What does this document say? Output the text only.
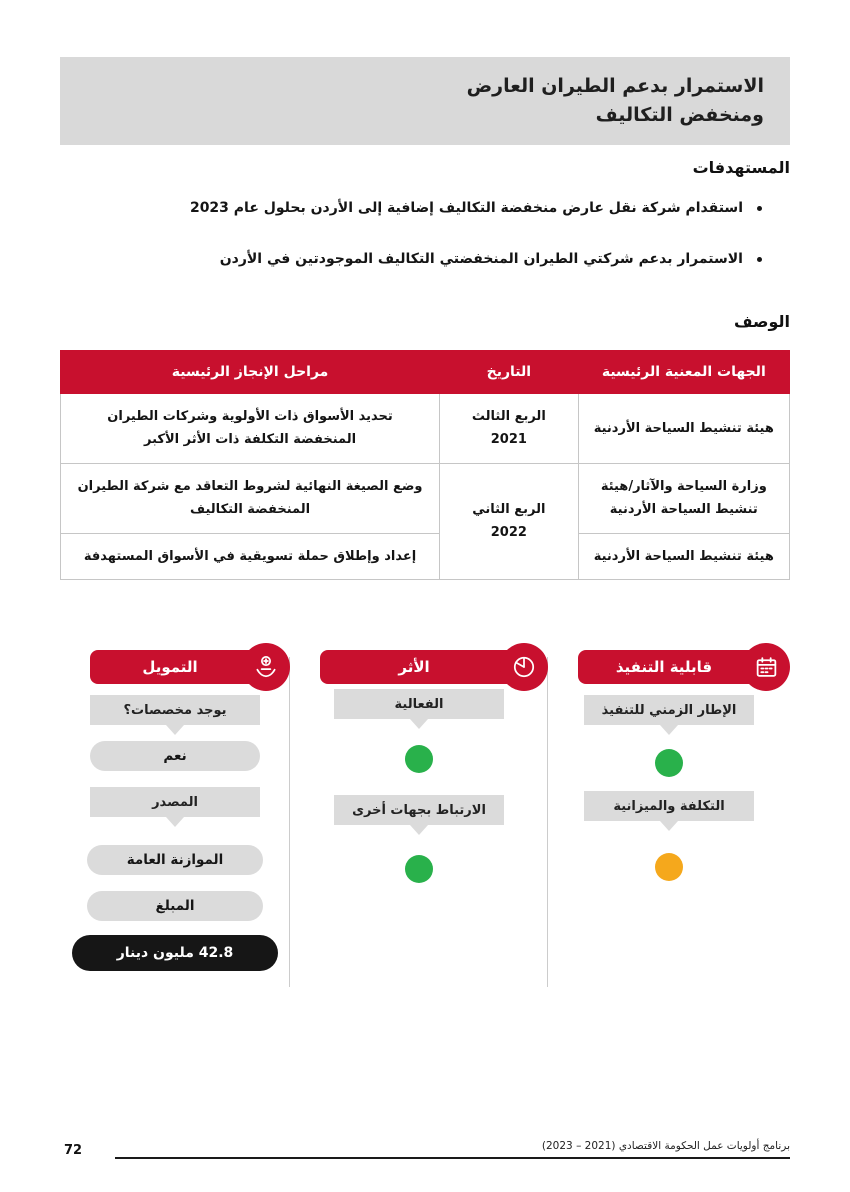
الاستمرار بدعم الطيران العارض ومنخفض التكاليف
المستهدفات
استقدام شركة نقل عارض منخفضة التكاليف إضافية إلى الأردن بحلول عام 2023
الاستمرار بدعم شركتي الطيران المنخفضتي التكاليف الموجودتين في الأردن
الوصف
الجهات المعنية الرئيسية	التاريخ	مراحل الإنجاز الرئيسية
هيئة تنشيط السياحة الأردنية	الربع الثالث 2021	تحديد الأسواق ذات الأولوية وشركات الطيران المنخفضة التكلفة ذات الأثر الأكبر
وزارة السياحة والآثار/هيئة تنشيط السياحة الأردنية	الربع الثاني 2022	وضع الصيغة النهائية لشروط التعاقد مع شركة الطيران المنخفضة التكاليف
هيئة تنشيط السياحة الأردنية		إعداد وإطلاق حملة تسويقية في الأسواق المستهدفة
قابلية التنفيذ
الإطار الزمني للتنفيذ
التكلفة والميزانية
الأثر
الفعالية
الارتباط بجهات أخرى
التمويل
يوجد مخصصات؟
نعم
المصدر
الموازنة العامة
المبلغ
42.8 مليون دينار
برنامج أولويات عمل الحكومة الاقتصادي (2021 – 2023)
72
